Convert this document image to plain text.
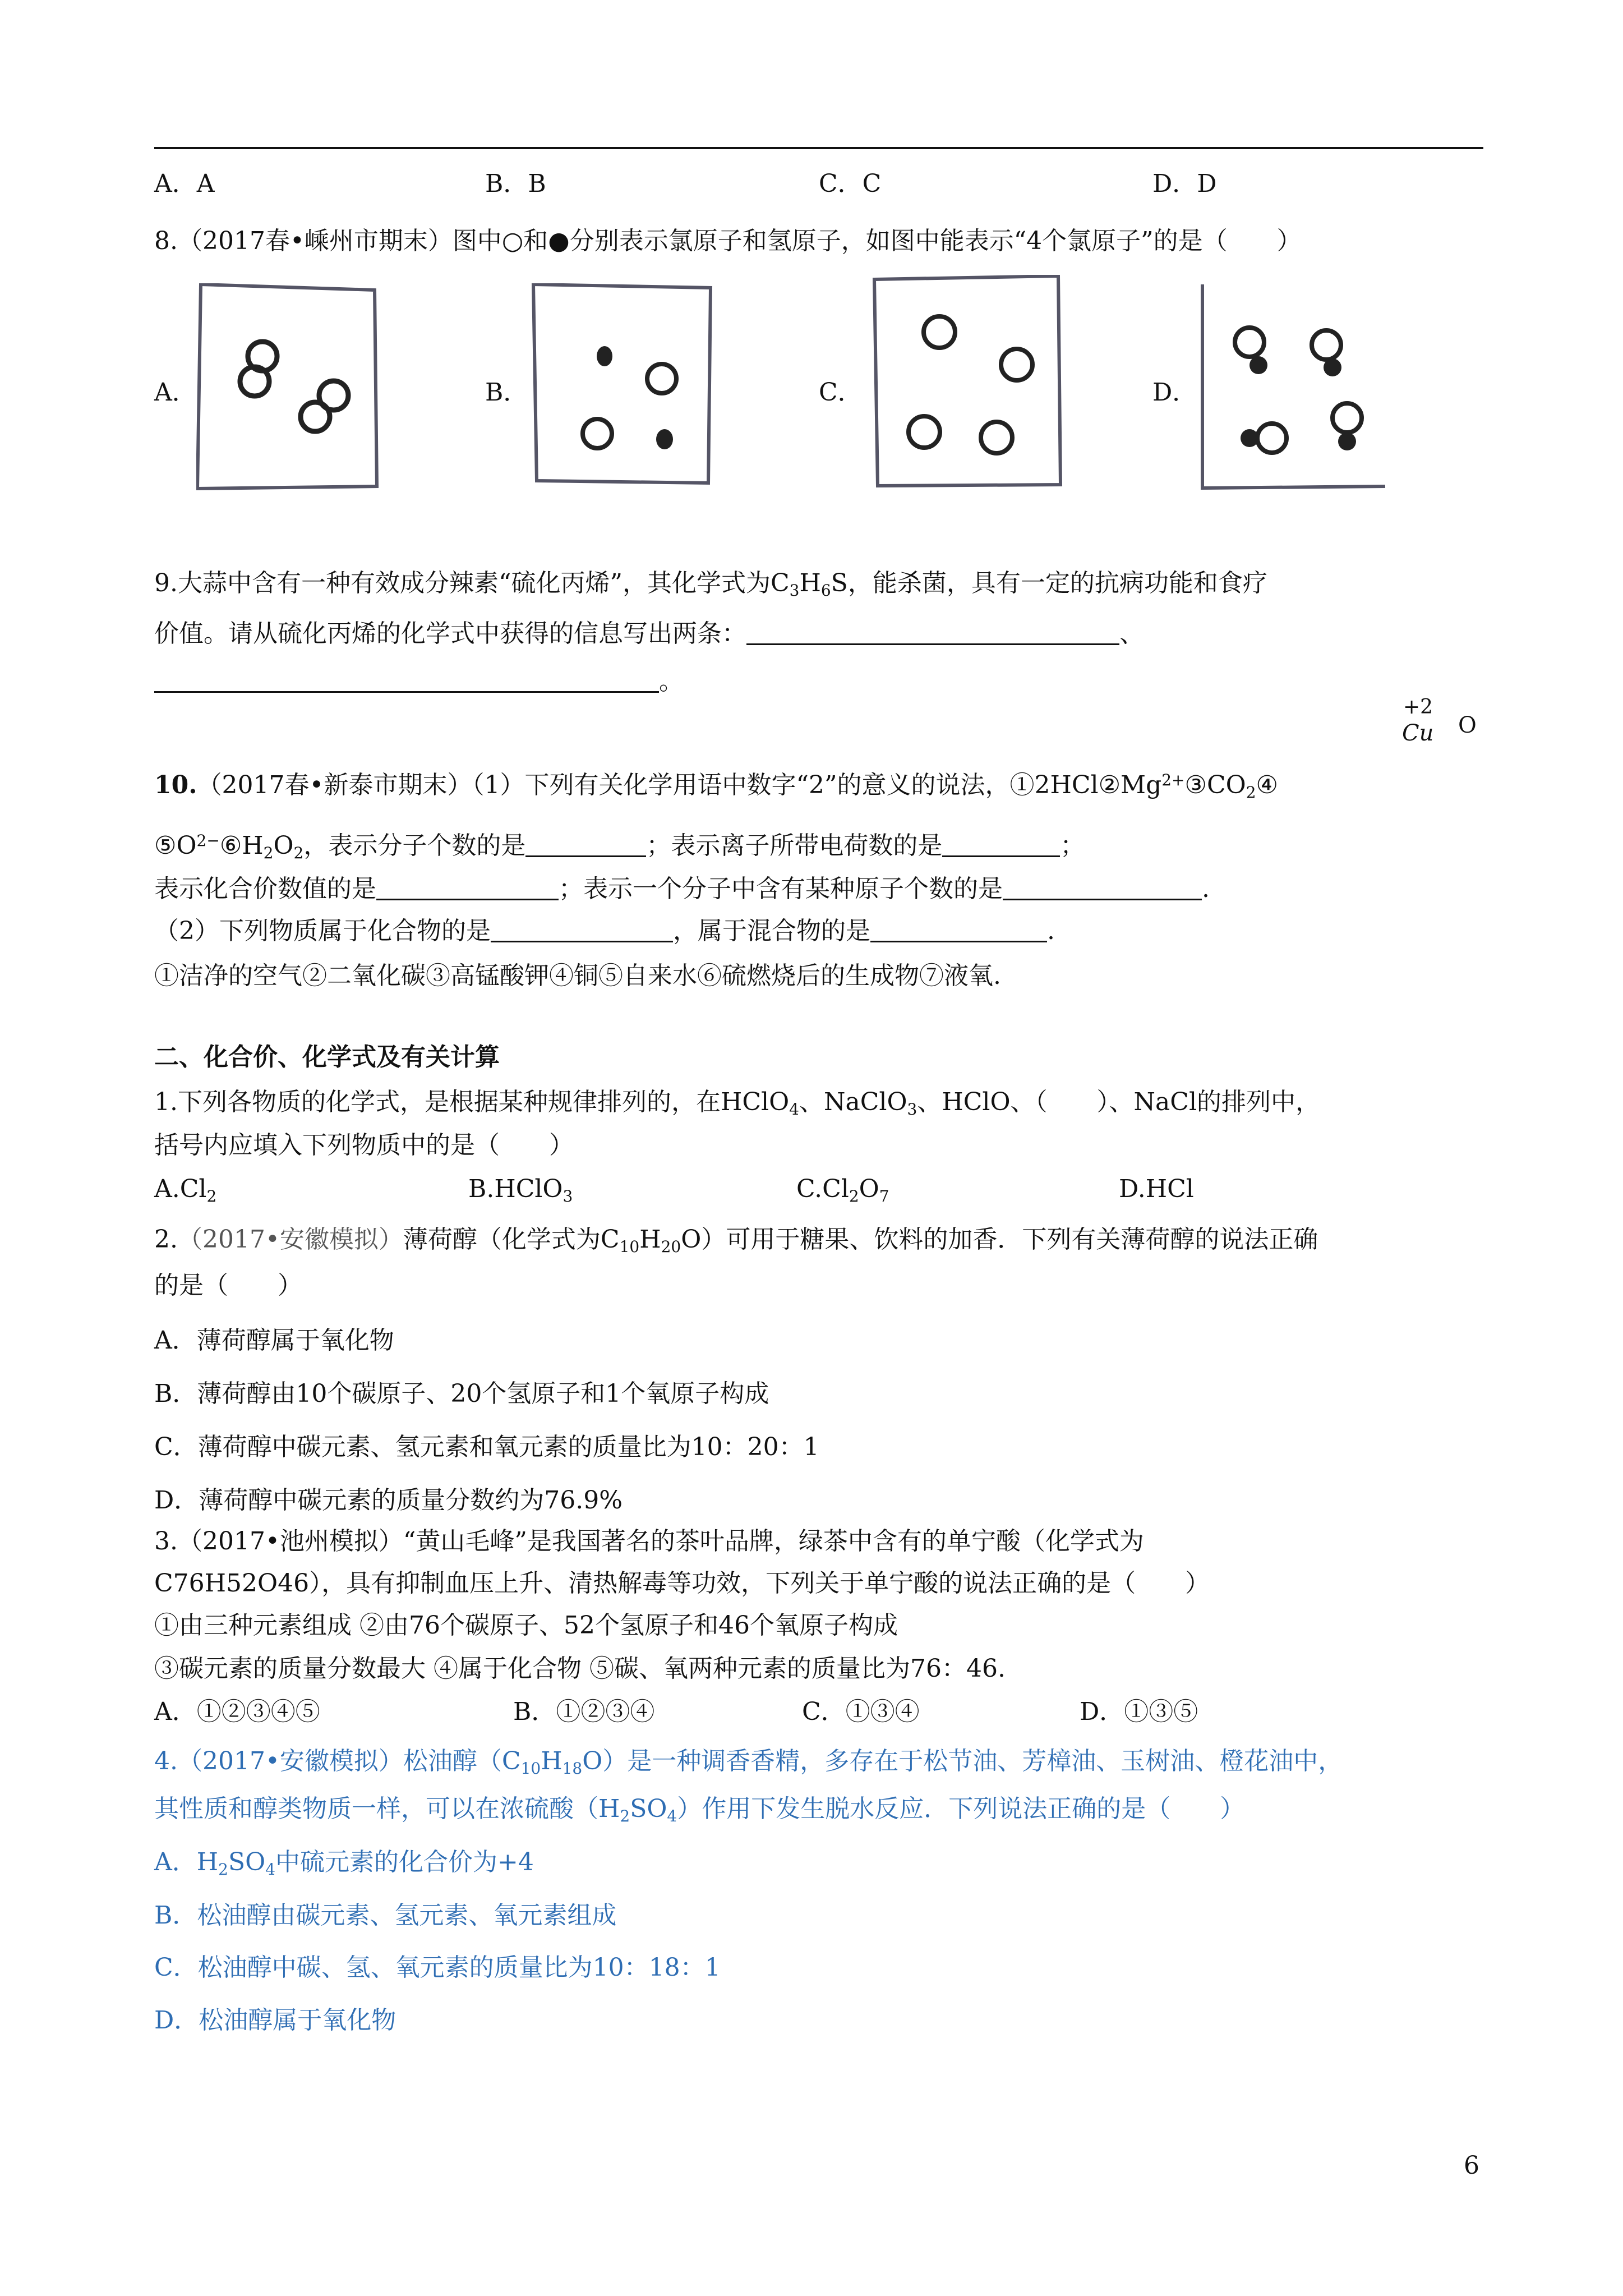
A．A	B．B	C．C	D．D
8.（2017春•嵊州市期末）图中○和●分别表示氯原子和氢原子，如图中能表示“4个氯原子”的是（　　）
A．	B．	C．	D．
9.大蒜中含有一种有效成分辣素“硫化丙烯”，其化学式为$C_3H_6S$，能杀菌，具有一定的抗病功能和食疗
价值。请从硫化丙烯的化学式中获得的信息写出两条：	、
。
10.（2017春•新泰市期末）（1）下列有关化学用语中数字“2”的意义的说法，$①2HCl②Mg^{2+}③CO_2④$
+2
Cu O
$⑤O^{2-}⑥H_2O_2$，表示分子个数的是	；表示离子所带电荷数的是	；
表示化合价数值的是	；表示一个分子中含有某种原子个数的是	.
（2）下列物质属于化合物的是	，属于混合物的是	.
①洁净的空气②二氧化碳③高锰酸钾④铜⑤自来水⑥硫燃烧后的生成物⑦液氧.
二、化合价、化学式及有关计算
1.下列各物质的化学式，是根据某种规律排列的，在HClO$_4$、NaClO$_3$、HClO、（　　）、NaCl的排列中，
括号内应填入下列物质中的是（　　）
$A.Cl_2$	B.HClO$_3$	$C.Cl_2O_7$	D.HCl
2.（2017•安徽模拟）薄荷醇（化学式为$C_{10}H_{20}O$）可用于糖果、饮料的加香．下列有关薄荷醇的说法正确
的是（　　）
A．薄荷醇属于氧化物
B．薄荷醇由10个碳原子、20个氢原子和1个氧原子构成
C．薄荷醇中碳元素、氢元素和氧元素的质量比为10：20：1
D．薄荷醇中碳元素的质量分数约为76.9%
3.（2017•池州模拟）“黄山毛峰”是我国著名的茶叶品牌，绿茶中含有的单宁酸（化学式为
C76H52O46），具有抑制血压上升、清热解毒等功效，下列关于单宁酸的说法正确的是（　　）
①由三种元素组成 ②由76个碳原子、52个氢原子和46个氧原子构成
③碳元素的质量分数最大 ④属于化合物 ⑤碳、氧两种元素的质量比为76：46.
A．①②③④⑤	B．①②③④	C．①③④	D．①③⑤
4.（2017•安徽模拟）松油醇$(C_{10}H_{18}O)$是一种调香香精，多存在于松节油、芳樟油、玉树油、橙花油中，
其性质和醇类物质一样，可以在浓硫酸$(H_2SO_4)$作用下发生脱水反应．下列说法正确的是（　　）
A．$H_2SO_4$中硫元素的化合价为+4
B．松油醇由碳元素、氢元素、氧元素组成
C．松油醇中碳、氢、氧元素的质量比为10：18：1
D．松油醇属于氧化物
6
